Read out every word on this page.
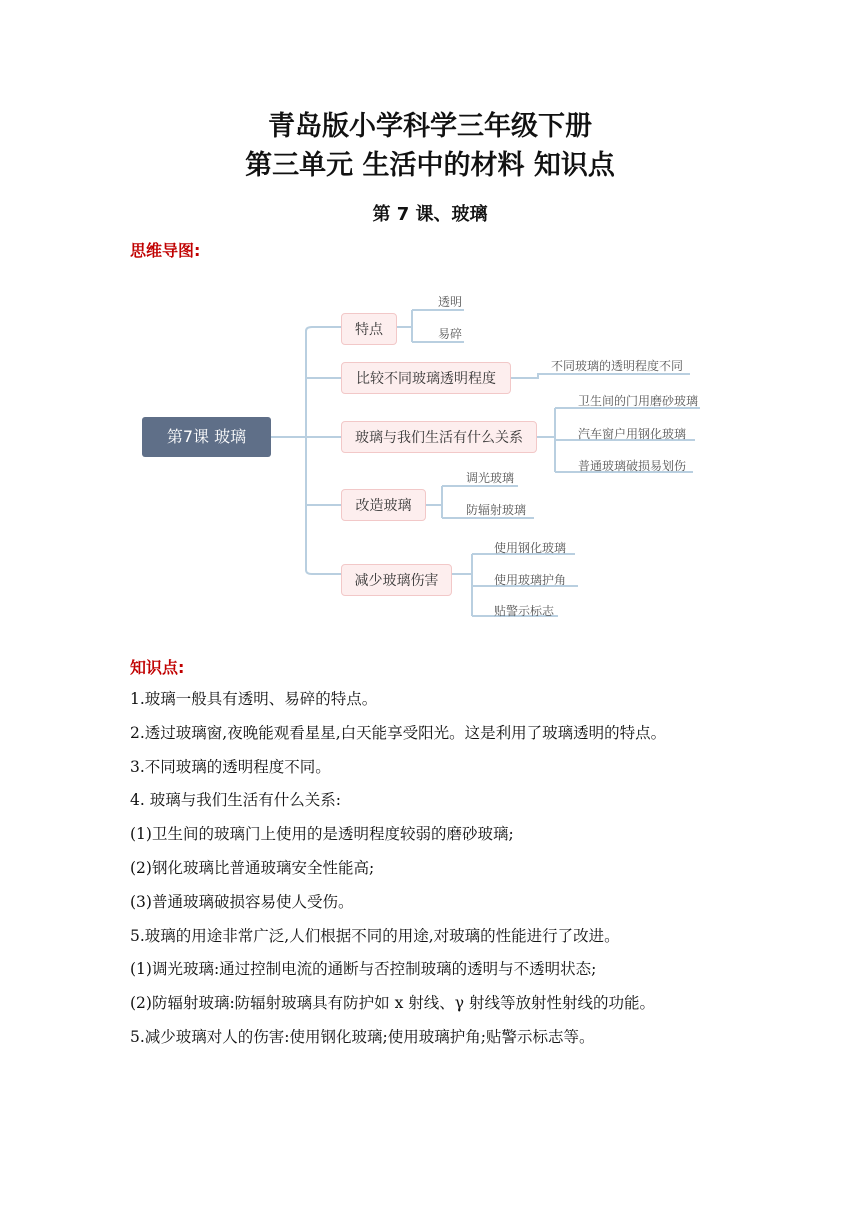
青岛版小学科学三年级下册
第三单元 生活中的材料 知识点
第 7 课、玻璃
思维导图:
第7课 玻璃
特点
透明
易碎
比较不同玻璃透明程度
不同玻璃的透明程度不同
玻璃与我们生活有什么关系
卫生间的门用磨砂玻璃
汽车窗户用钢化玻璃
普通玻璃破损易划伤
改造玻璃
调光玻璃
防辐射玻璃
减少玻璃伤害
使用钢化玻璃
使用玻璃护角
贴警示标志
知识点:
1.玻璃一般具有透明、易碎的特点。
2.透过玻璃窗,夜晚能观看星星,白天能享受阳光。这是利用了玻璃透明的特点。
3.不同玻璃的透明程度不同。
4. 玻璃与我们生活有什么关系:
(1)卫生间的玻璃门上使用的是透明程度较弱的磨砂玻璃;
(2)钢化玻璃比普通玻璃安全性能高;
(3)普通玻璃破损容易使人受伤。
5.玻璃的用途非常广泛,人们根据不同的用途,对玻璃的性能进行了改进。
(1)调光玻璃:通过控制电流的通断与否控制玻璃的透明与不透明状态;
(2)防辐射玻璃:防辐射玻璃具有防护如 x 射线、γ 射线等放射性射线的功能。
5.减少玻璃对人的伤害:使用钢化玻璃;使用玻璃护角;贴警示标志等。
